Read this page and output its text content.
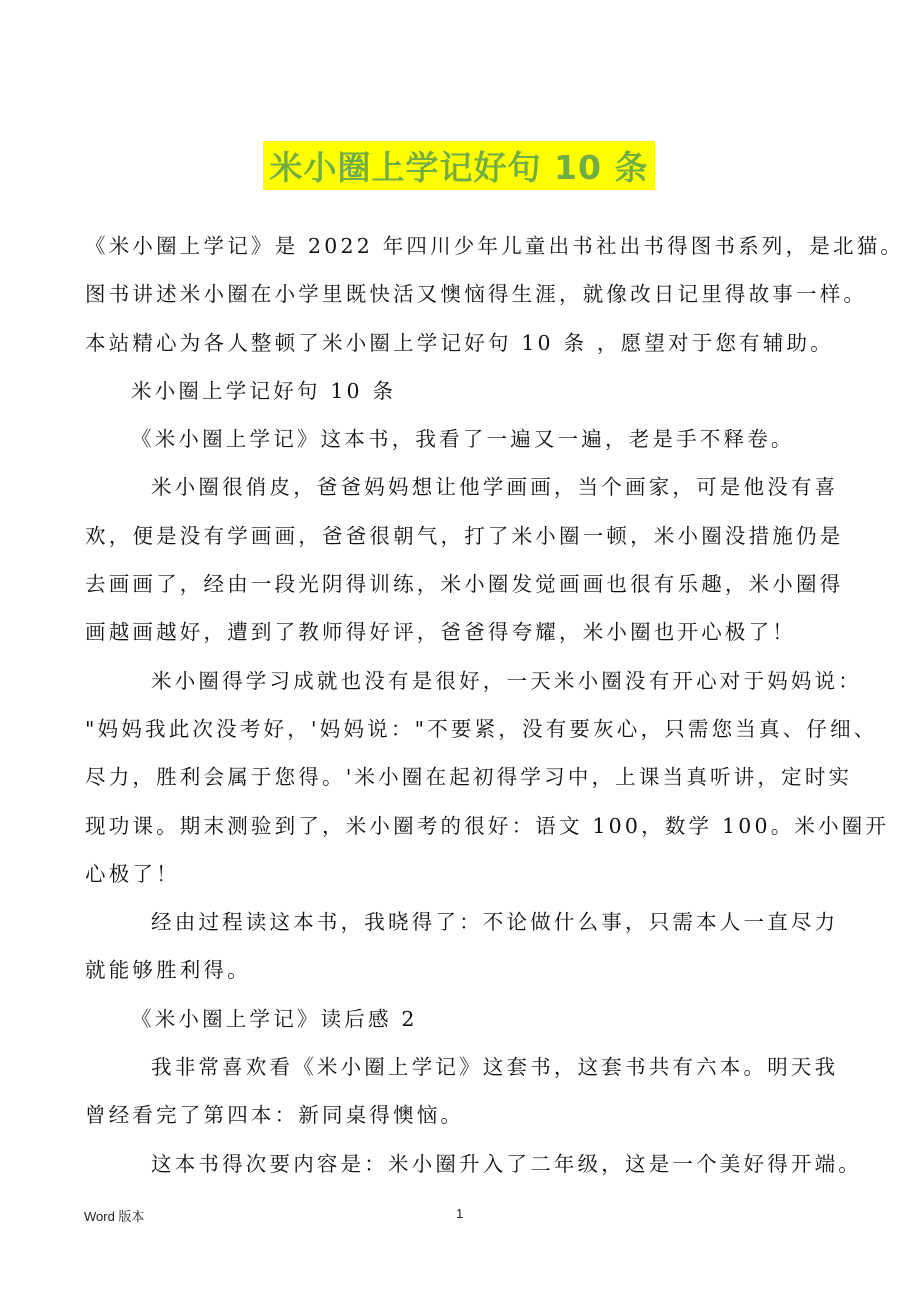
米小圈上学记好句 10 条

《米小圈上学记》是 2022 年四川少年儿童出书社出书得图书系列，是北猫。

图书讲述米小圈在小学里既快活又懊恼得生涯，就像改日记里得故事一样。

本站精心为各人整顿了米小圈上学记好句 10 条 ，愿望对于您有辅助。

米小圈上学记好句 10 条

《米小圈上学记》这本书，我看了一遍又一遍，老是手不释卷。

米小圈很俏皮，爸爸妈妈想让他学画画，当个画家，可是他没有喜

欢，便是没有学画画，爸爸很朝气，打了米小圈一顿，米小圈没措施仍是

去画画了，经由一段光阴得训练，米小圈发觉画画也很有乐趣，米小圈得

画越画越好，遭到了教师得好评，爸爸得夸耀，米小圈也开心极了！

米小圈得学习成就也没有是很好，一天米小圈没有开心对于妈妈说：

"妈妈我此次没考好，'妈妈说："不要紧，没有要灰心，只需您当真、仔细、

尽力，胜利会属于您得。'米小圈在起初得学习中，上课当真听讲，定时实

现功课。期末测验到了，米小圈考的很好：语文 100，数学 100。米小圈开

心极了！

经由过程读这本书，我晓得了：不论做什么事，只需本人一直尽力

就能够胜利得。

《米小圈上学记》读后感 2

我非常喜欢看《米小圈上学记》这套书，这套书共有六本。明天我

曾经看完了第四本：新同桌得懊恼。

这本书得次要内容是：米小圈升入了二年级，这是一个美好得开端。

Word 版本	1
